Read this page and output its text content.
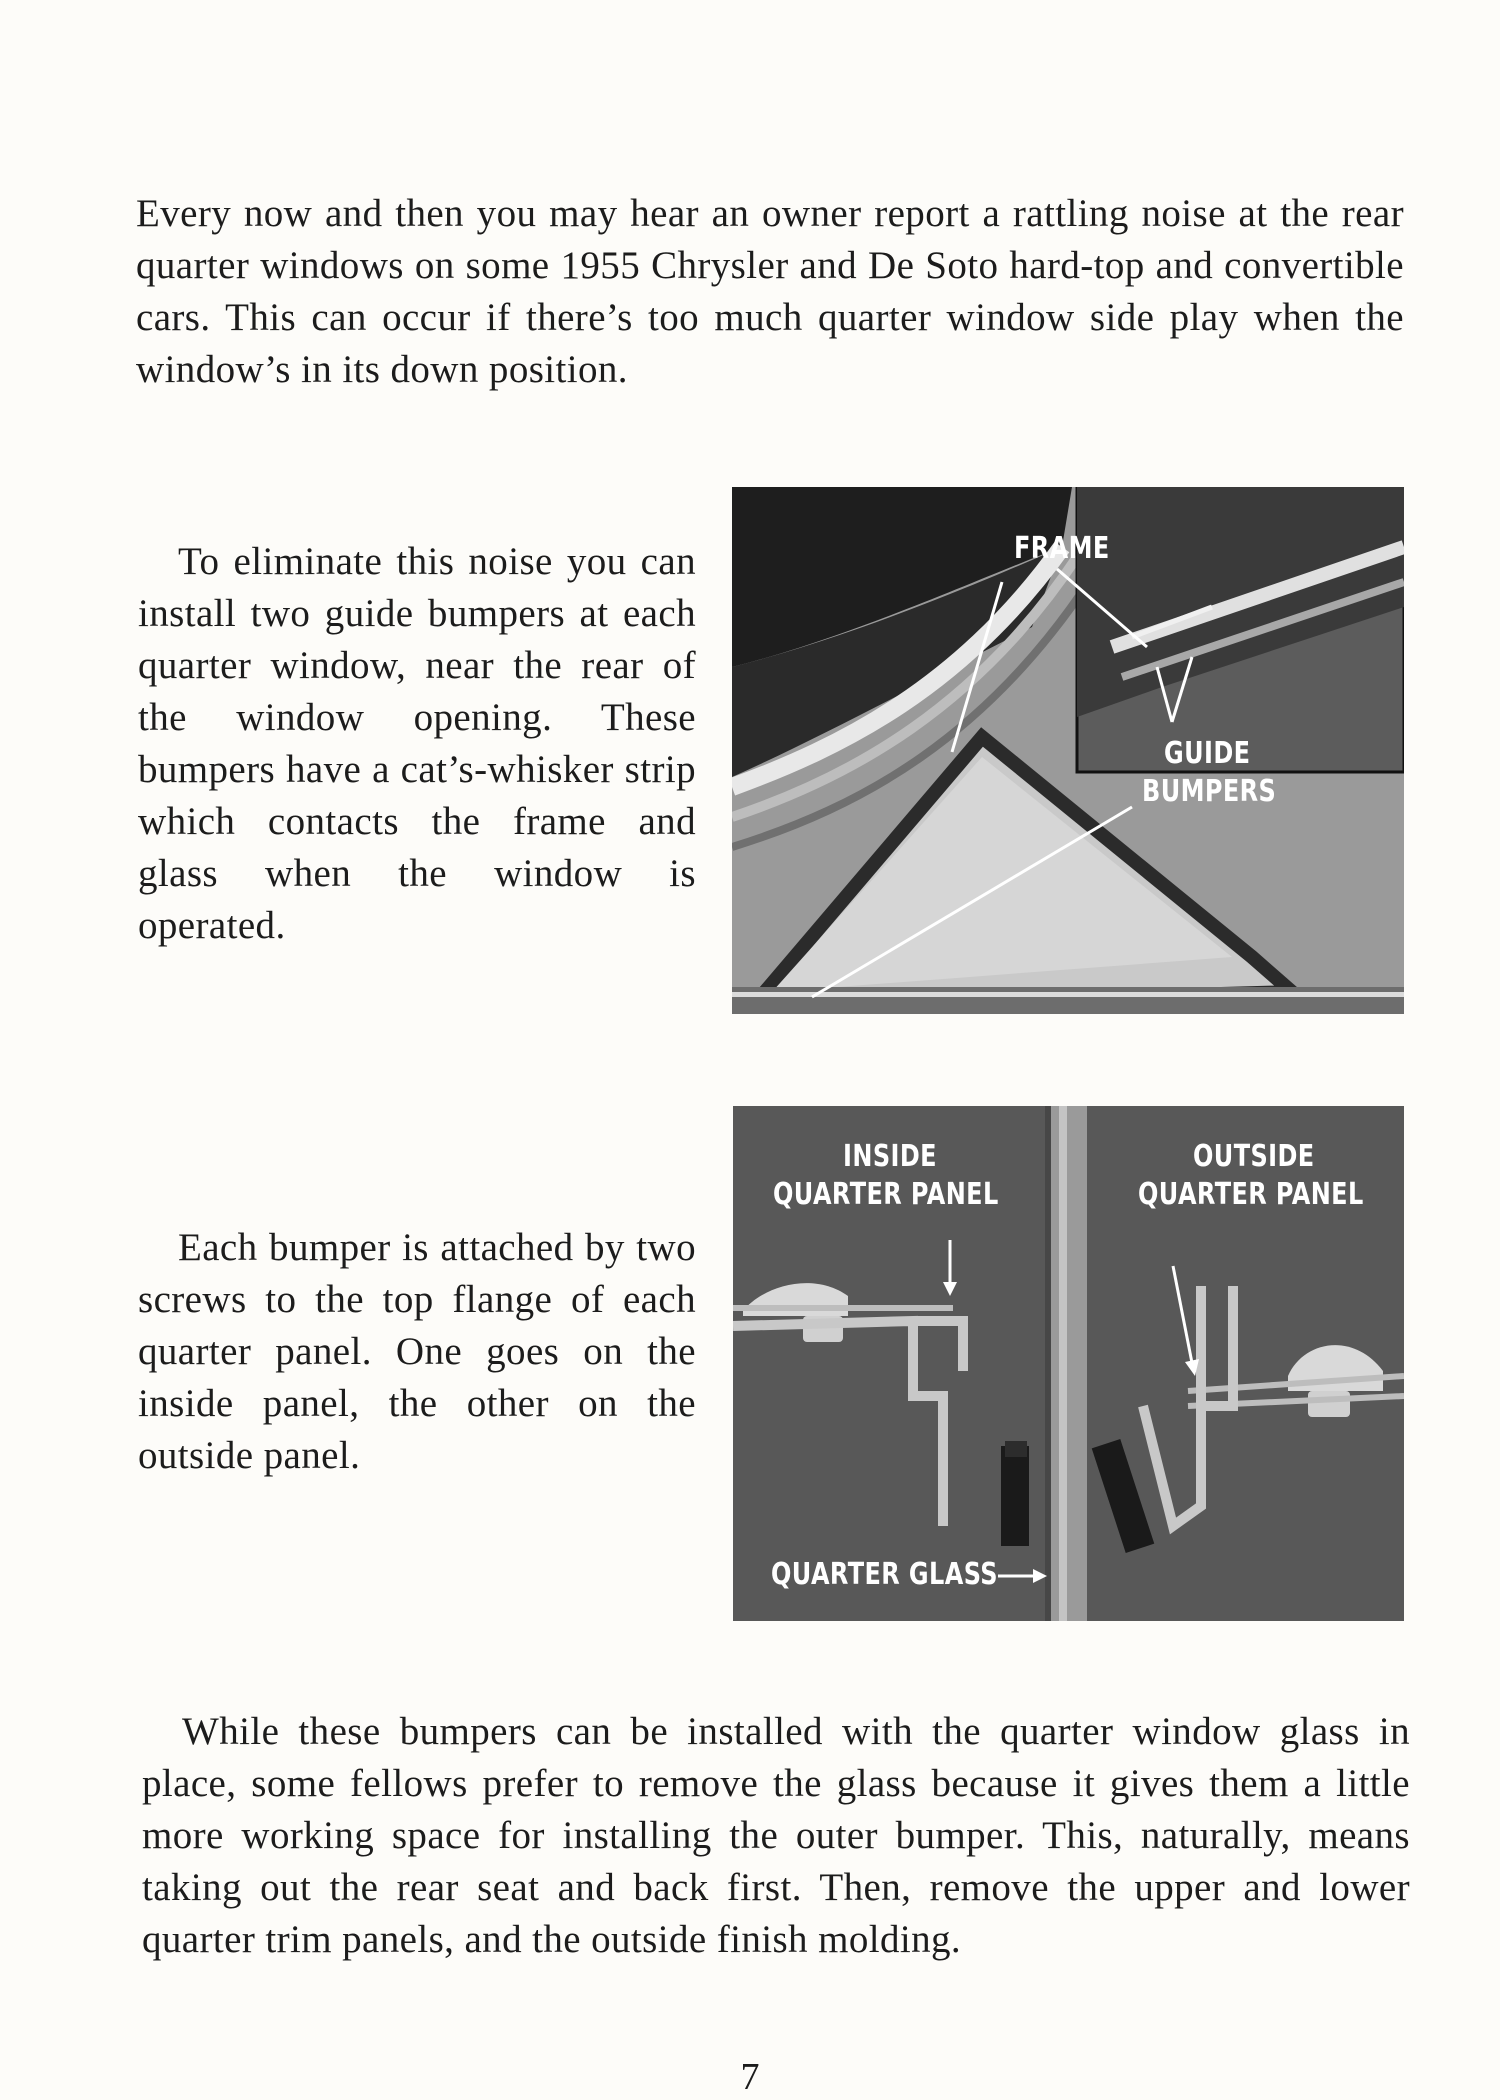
Every now and then you may hear an owner report a rattling noise at the rear quarter windows on some 1955 Chrysler and De Soto hard-top and convertible cars. This can occur if there’s too much quarter window side play when the window’s in its down position.

To eliminate this noise you can install two guide bumpers at each quarter window, near the rear of the window opening. These bumpers have a cat’s-whisker strip which contacts the frame and glass when the window is operated.

Each bumper is attached by two screws to the top flange of each quarter panel. One goes on the inside panel, the other on the outside panel.

While these bumpers can be installed with the quarter window glass in place, some fellows prefer to remove the glass because it gives them a little more working space for installing the outer bumper. This, naturally, means taking out the rear seat and back first. Then, remove the upper and lower quarter trim panels, and the outside finish molding.

FRAME
GUIDE
BUMPERS
INSIDE
QUARTER PANEL
OUTSIDE
QUARTER PANEL
QUARTER GLASS
7
